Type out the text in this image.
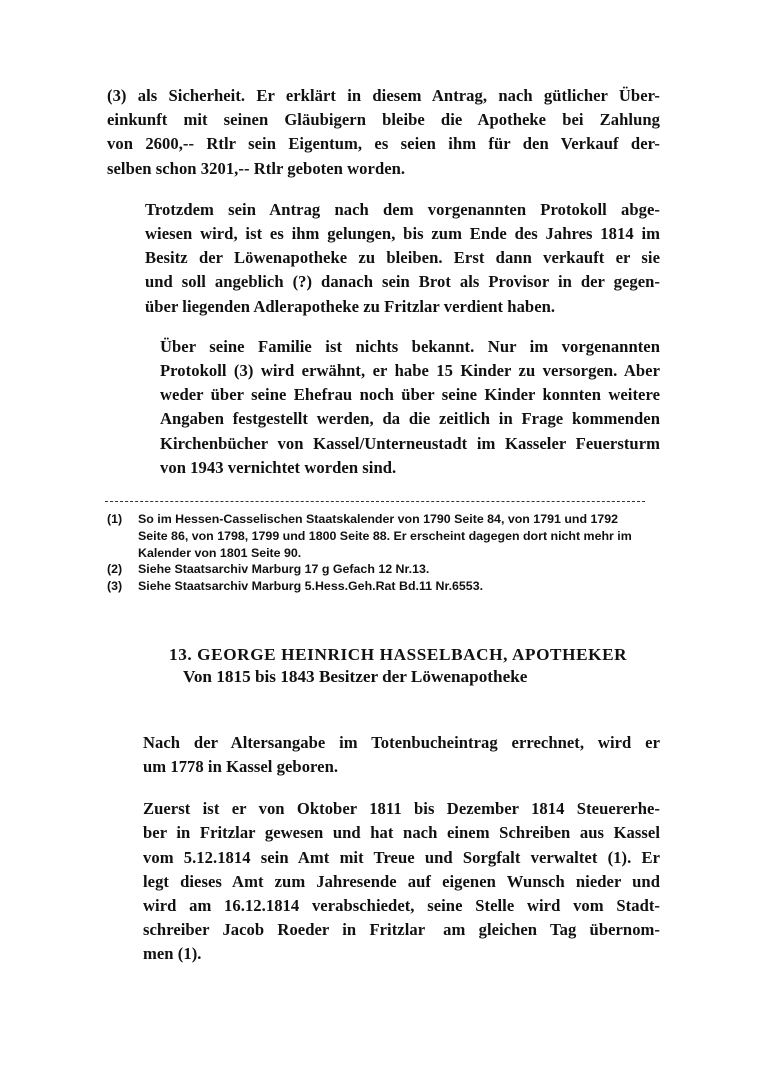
(3) als Sicherheit. Er erklärt in diesem Antrag, nach gütlicher Über-
einkunft mit seinen Gläubigern bleibe die Apotheke bei Zahlung
von 2600,-- Rtlr sein Eigentum, es seien ihm für den Verkauf der-
selben schon 3201,-- Rtlr geboten worden.

Trotzdem sein Antrag nach dem vorgenannten Protokoll abge-
wiesen wird, ist es ihm gelungen, bis zum Ende des Jahres 1814 im
Besitz der Löwenapotheke zu bleiben. Erst dann verkauft er sie
und soll angeblich (?) danach sein Brot als Provisor in der gegen-
über liegenden Adlerapotheke zu Fritzlar verdient haben.

Über seine Familie ist nichts bekannt. Nur im vorgenannten
Protokoll (3) wird erwähnt, er habe 15 Kinder zu versorgen. Aber
weder über seine Ehefrau noch über seine Kinder konnten weitere
Angaben festgestellt werden, da die zeitlich in Frage kommenden
Kirchenbücher von Kassel/Unterneustadt im Kasseler Feuersturm
von 1943 vernichtet worden sind.

(1) So im Hessen-Casselischen Staatskalender von 1790 Seite 84, von 1791 und 1792 Seite 86, von 1798, 1799 und 1800 Seite 88. Er erscheint dagegen dort nicht mehr im Kalender von 1801 Seite 90.
(2) Siehe Staatsarchiv Marburg 17 g Gefach 12 Nr.13.
(3) Siehe Staatsarchiv Marburg 5.Hess.Geh.Rat Bd.11 Nr.6553.
13. GEORGE HEINRICH HASSELBACH, APOTHEKER
Von 1815 bis 1843 Besitzer der Löwenapotheke

Nach der Altersangabe im Totenbucheintrag errechnet, wird er
um 1778 in Kassel geboren.

Zuerst ist er von Oktober 1811 bis Dezember 1814 Steuererhe-
ber in Fritzlar gewesen und hat nach einem Schreiben aus Kassel
vom 5.12.1814 sein Amt mit Treue und Sorgfalt verwaltet (1). Er
legt dieses Amt zum Jahresende auf eigenen Wunsch nieder und
wird am 16.12.1814 verabschiedet, seine Stelle wird vom Stadt-
schreiber Jacob Roeder in Fritzlar am gleichen Tag übernom-
men (1).
